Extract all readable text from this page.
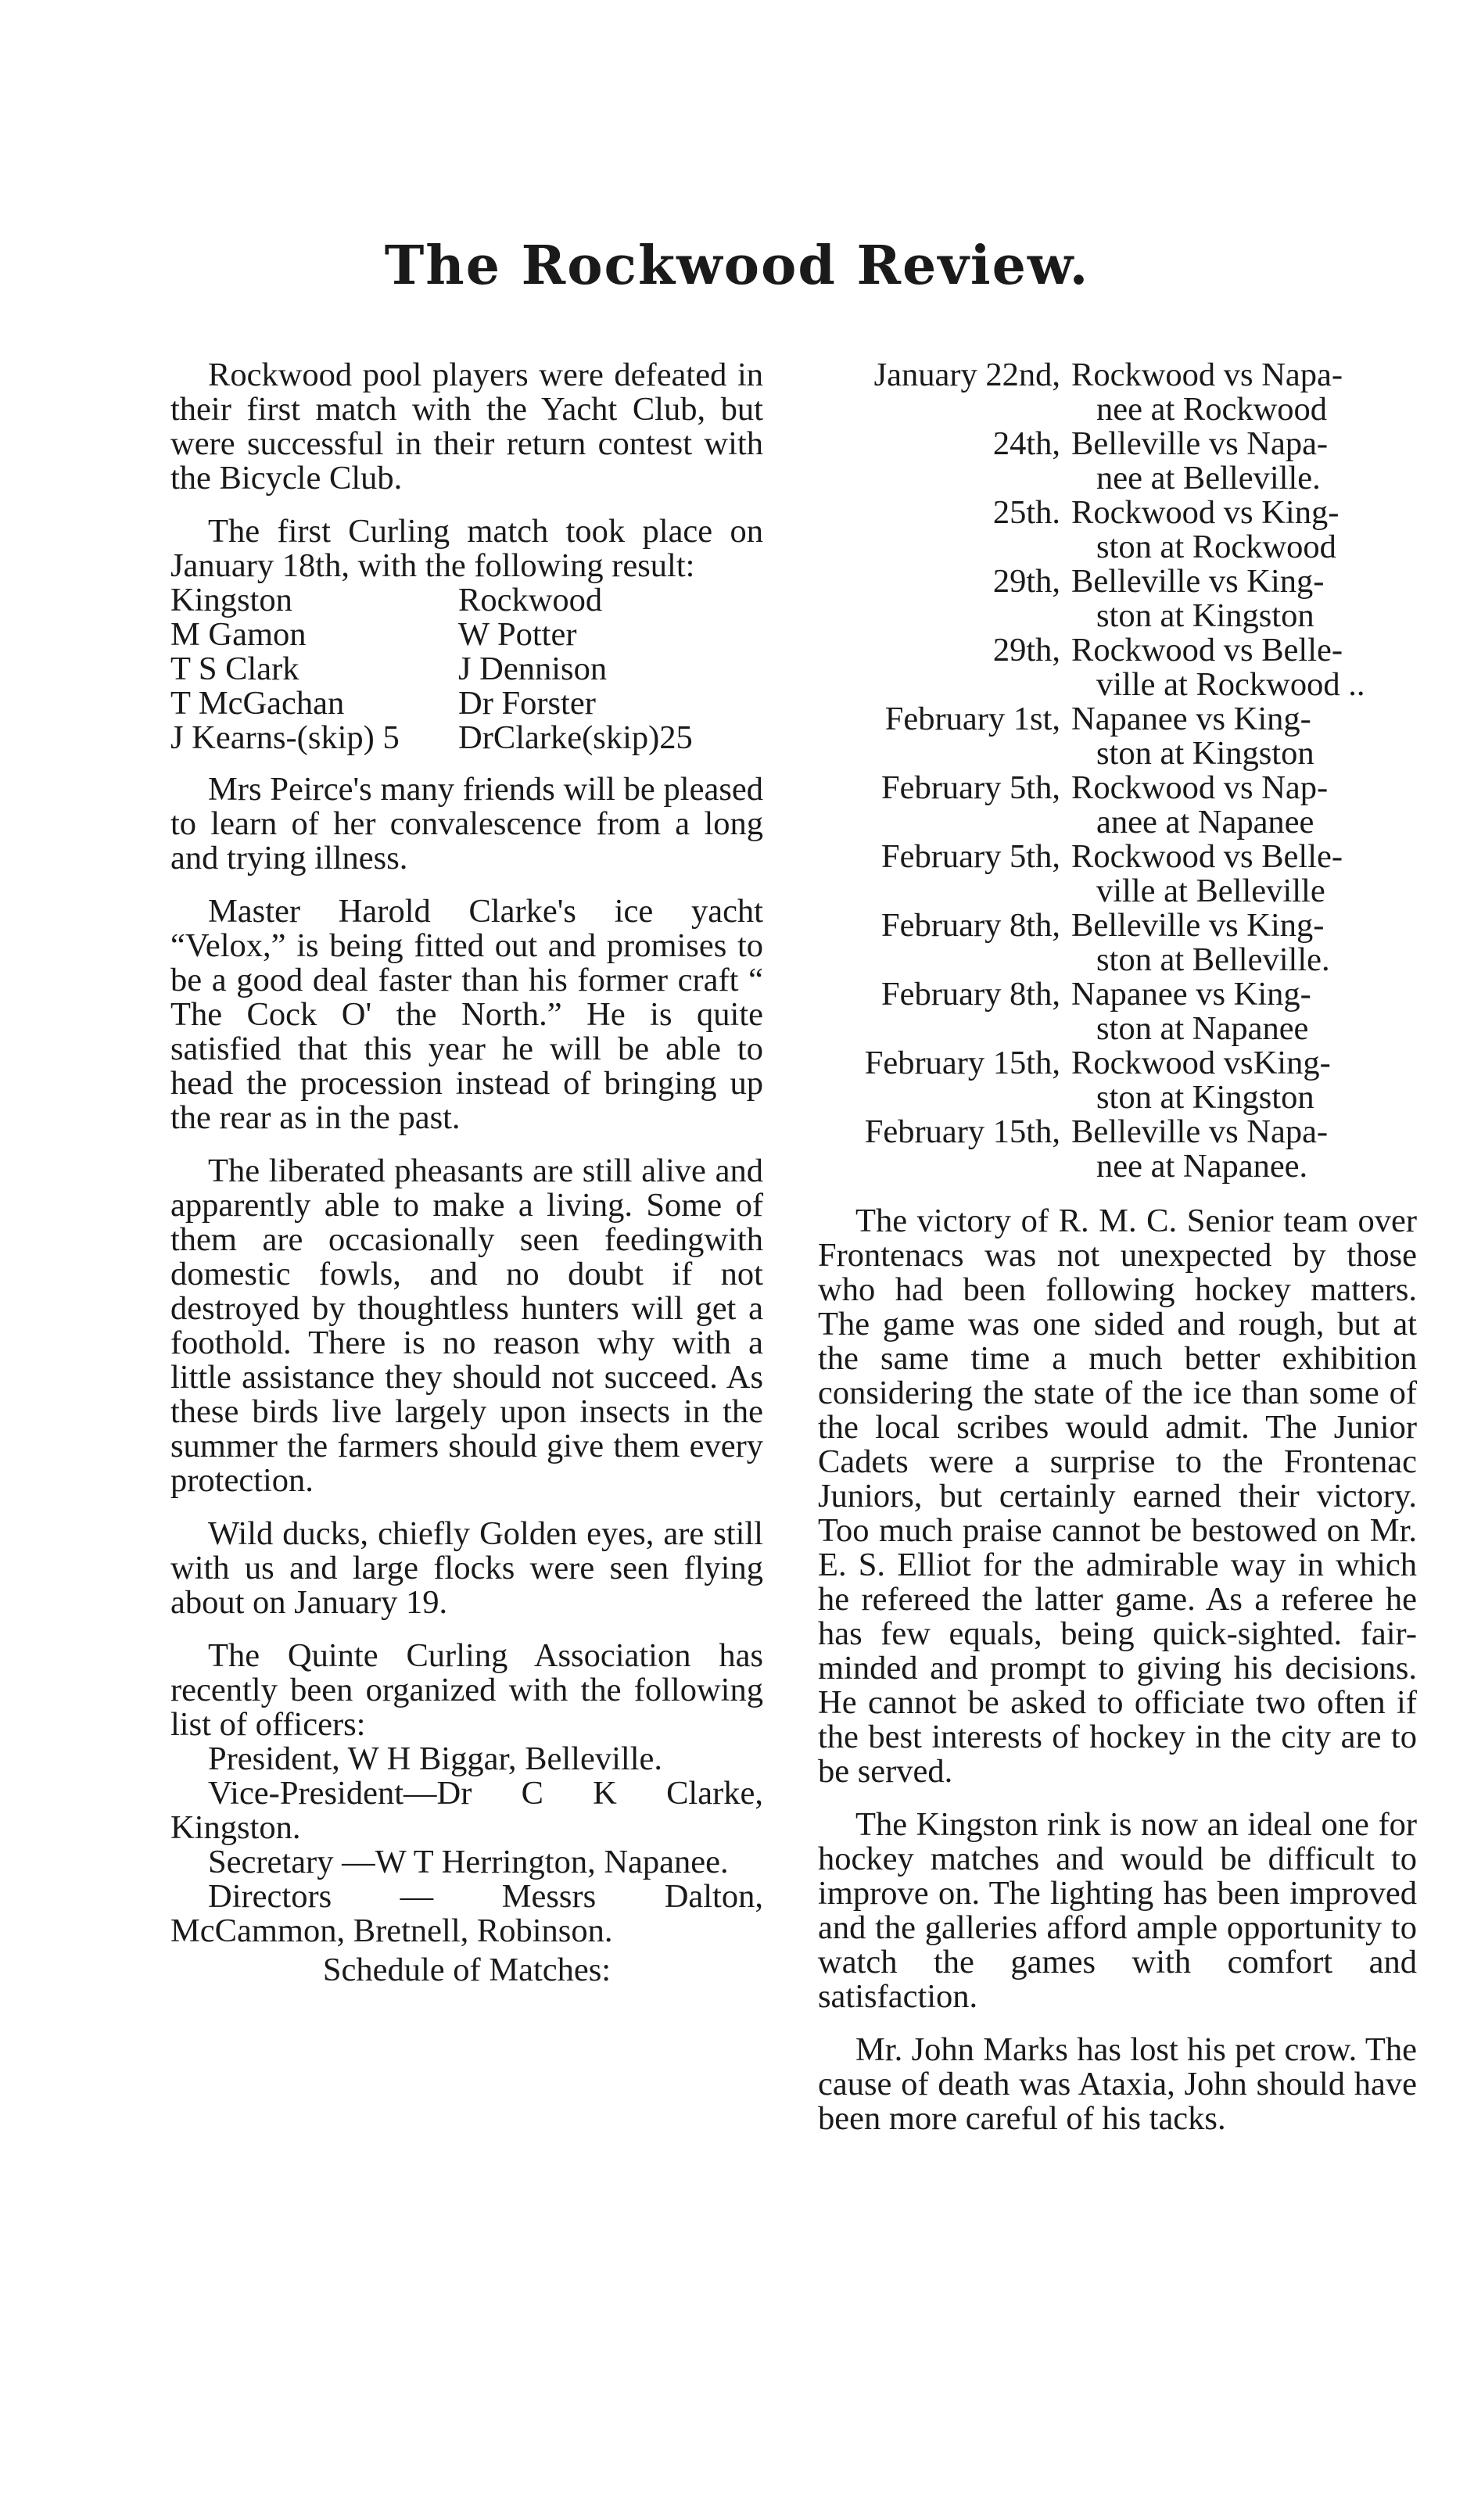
The Rockwood Review.

Rockwood pool players were defeated in their first match with the Yacht Club, but were successful in their return contest with the Bicycle Club.

The first Curling match took place on January 18th, with the following result:

Kingston	Rockwood
M Gamon	W Potter
T S Clark	J Dennison
T McGachan	Dr Forster
J Kearns-(skip) 5	DrClarke(skip)25

Mrs Peirce's many friends will be pleased to learn of her convalescence from a long and trying illness.

Master Harold Clarke's ice yacht “Velox,” is being fitted out and promises to be a good deal faster than his former craft “ The Cock O' the North.” He is quite satisfied that this year he will be able to head the procession instead of bringing up the rear as in the past.

The liberated pheasants are still alive and apparently able to make a living. Some of them are occasionally seen feedingwith domestic fowls, and no doubt if not destroyed by thoughtless hunters will get a foothold. There is no reason why with a little assistance they should not succeed. As these birds live largely upon insects in the summer the farmers should give them every protection.

Wild ducks, chiefly Golden eyes, are still with us and large flocks were seen flying about on January 19.

The Quinte Curling Association has recently been organized with the following list of officers:

President, W H Biggar, Belleville.
Vice-President—Dr C K Clarke, Kingston.
Secretary —W T Herrington, Napanee.
Directors — Messrs Dalton, McCammon, Bretnell, Robinson.
Schedule of Matches:
January 22nd, Rockwood vs Napa-
nee at Rockwood
24th, Belleville vs Napa-
nee at Belleville.
25th. Rockwood vs King-
ston at Rockwood
29th, Belleville vs King-
ston at Kingston
29th, Rockwood vs Belle-
ville at Rockwood ..
February 1st, Napanee vs King-
ston at Kingston
February 5th, Rockwood vs Nap-
anee at Napanee
February 5th, Rockwood vs Belle-
ville at Belleville
February 8th, Belleville vs King-
ston at Belleville.
February 8th, Napanee vs King-
ston at Napanee
February 15th, Rockwood vsKing-
ston at Kingston
February 15th, Belleville vs Napa-
nee at Napanee.

The victory of R. M. C. Senior team over Frontenacs was not unexpected by those who had been following hockey matters. The game was one sided and rough, but at the same time a much better exhibition considering the state of the ice than some of the local scribes would admit. The Junior Cadets were a surprise to the Frontenac Juniors, but certainly earned their victory. Too much praise cannot be bestowed on Mr. E. S. Elliot for the admirable way in which he refereed the latter game. As a referee he has few equals, being quick-sighted. fair-minded and prompt to giving his decisions. He cannot be asked to officiate two often if the best interests of hockey in the city are to be served.

The Kingston rink is now an ideal one for hockey matches and would be difficult to improve on. The lighting has been improved and the galleries afford ample opportunity to watch the games with comfort and satisfaction.

Mr. John Marks has lost his pet crow. The cause of death was Ataxia, John should have been more careful of his tacks.
